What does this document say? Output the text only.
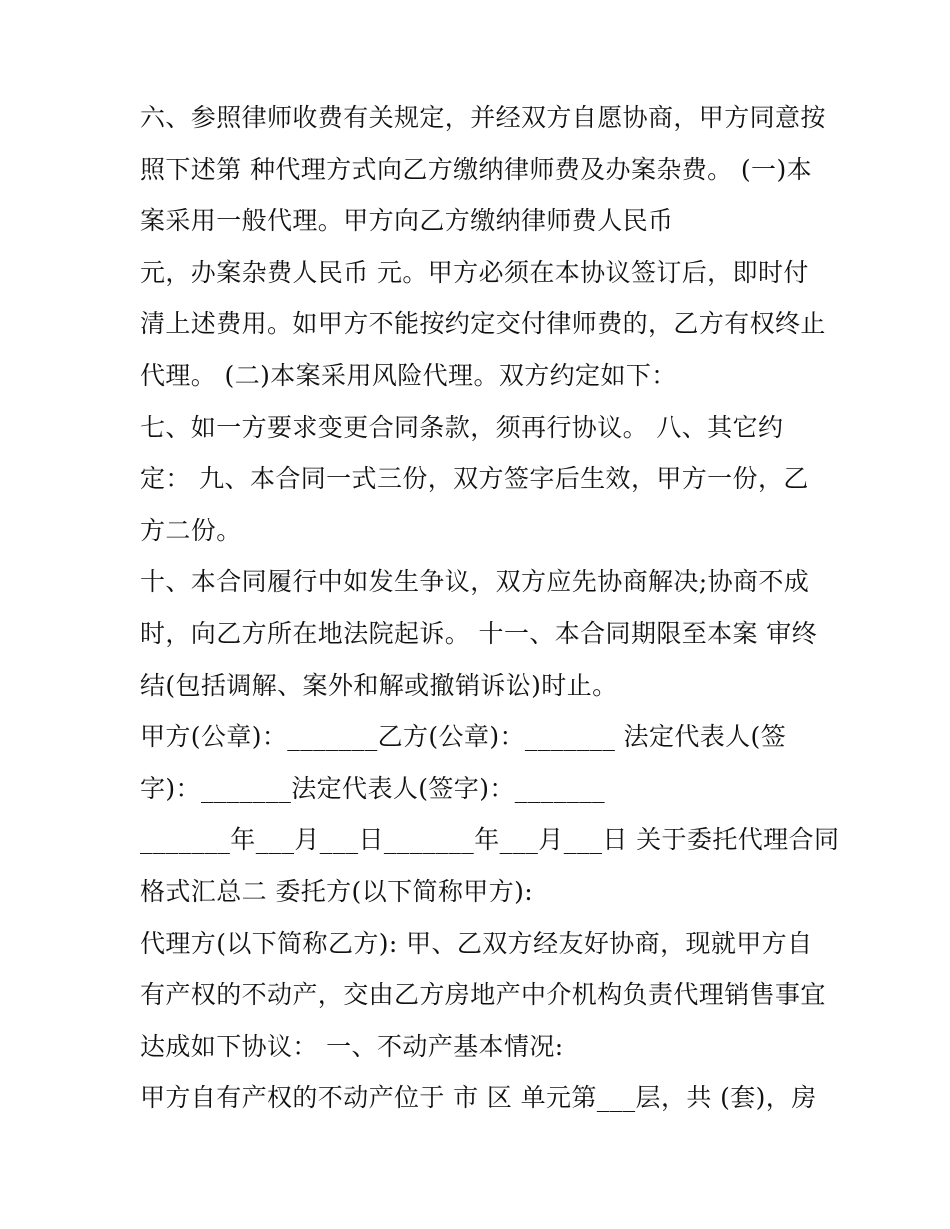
六、参照律师收费有关规定，并经双方自愿协商，甲方同意按
照下述第 种代理方式向乙方缴纳律师费及办案杂费。 (一)本
案采用一般代理。甲方向乙方缴纳律师费人民币
元，办案杂费人民币 元。甲方必须在本协议签订后，即时付
清上述费用。如甲方不能按约定交付律师费的，乙方有权终止
代理。 (二)本案采用风险代理。双方约定如下：
七、如一方要求变更合同条款，须再行协议。 八、其它约
定： 九、本合同一式三份，双方签字后生效，甲方一份，乙
方二份。
十、本合同履行中如发生争议，双方应先协商解决;协商不成
时，向乙方所在地法院起诉。 十一、本合同期限至本案 审终
结(包括调解、案外和解或撤销诉讼)时止。
甲方(公章)：_______乙方(公章)：_______ 法定代表人(签
字)：_______法定代表人(签字)：_______
_______年___月___日_______年___月___日 关于委托代理合同
格式汇总二 委托方(以下简称甲方):
代理方(以下简称乙方): 甲、乙双方经友好协商，现就甲方自
有产权的不动产，交由乙方房地产中介机构负责代理销售事宜
达成如下协议： 一、不动产基本情况:
甲方自有产权的不动产位于 市 区 单元第___层，共 (套)，房
